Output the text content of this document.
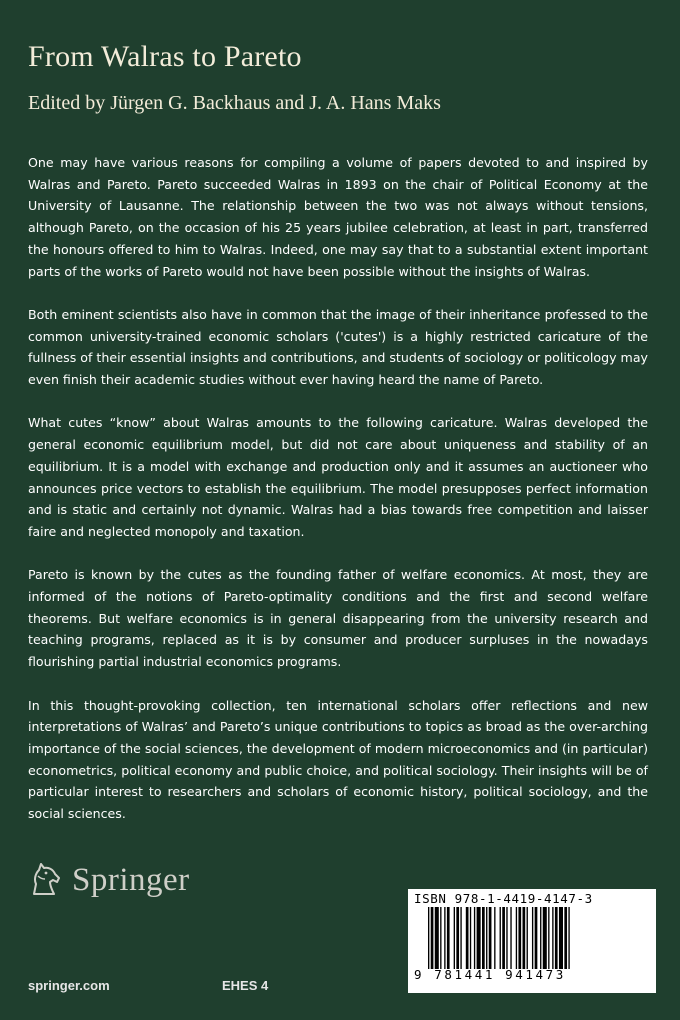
From Walras to Pareto
Edited by Jürgen G. Backhaus and J. A. Hans Maks

One may have various reasons for compiling a volume of papers devoted to and inspired by Walras and Pareto. Pareto succeeded Walras in 1893 on the chair of Political Economy at the University of Lausanne. The relationship between the two was not always without tensions, although Pareto, on the occasion of his 25 years jubilee celebration, at least in part, transferred the honours offered to him to Walras. Indeed, one may say that to a substantial extent important parts of the works of Pareto would not have been possible without the insights of Walras.

Both eminent scientists also have in common that the image of their inheritance professed to the common university-trained economic scholars ('cutes') is a highly restricted caricature of the fullness of their essential insights and contributions, and students of sociology or politicology may even finish their academic studies without ever having heard the name of Pareto.

What cutes “know” about Walras amounts to the following caricature. Walras developed the general economic equilibrium model, but did not care about uniqueness and stability of an equilibrium. It is a model with exchange and production only and it assumes an auctioneer who announces price vectors to establish the equilibrium. The model presupposes perfect information and is static and certainly not dynamic. Walras had a bias towards free competition and laisser faire and neglected monopoly and taxation.

Pareto is known by the cutes as the founding father of welfare economics. At most, they are informed of the notions of Pareto-optimality conditions and the first and second welfare theorems. But welfare economics is in general disappearing from the university research and teaching programs, replaced as it is by consumer and producer surpluses in the nowadays flourishing partial industrial economics programs.

In this thought-provoking collection, ten international scholars offer reflections and new interpretations of Walras’ and Pareto’s unique contributions to topics as broad as the over-arching importance of the social sciences, the development of modern microeconomics and (in particular) econometrics, political economy and public choice, and political sociology. Their insights will be of particular interest to researchers and scholars of economic history, political sociology, and the social sciences.

Springer
springer.com	EHES 4
ISBN 978-1-4419-4147-3
9 781441 941473
